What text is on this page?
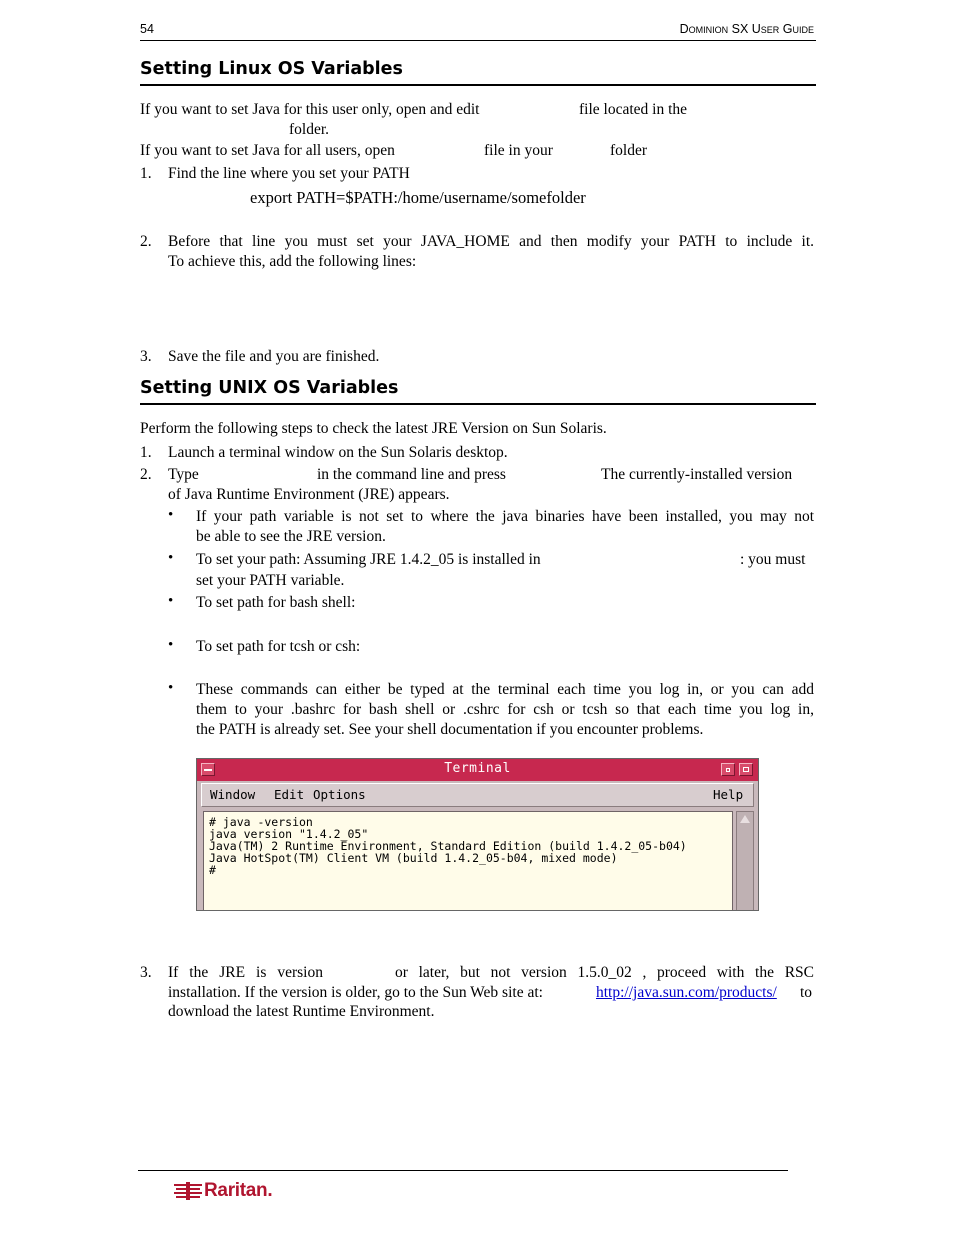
54	Dominion SX User Guide
Setting Linux OS Variables
If you want to set Java for this user only, open and edit	file located in the
folder.
If you want to set Java for all users, open	file in your	folder
1. Find the line where you set your PATH
export PATH=$PATH:/home/username/somefolder
2. Before that line you must set your JAVA_HOME and then modify your PATH to include it.
To achieve this, add the following lines:
3. Save the file and you are finished.
Setting UNIX OS Variables
Perform the following steps to check the latest JRE Version on Sun Solaris.
1. Launch a terminal window on the Sun Solaris desktop.
2. Type	in the command line and press	The currently-installed version
of Java Runtime Environment (JRE) appears.
• If your path variable is not set to where the java binaries have been installed, you may not
be able to see the JRE version.
• To set your path: Assuming JRE 1.4.2_05 is installed in	: you must
set your PATH variable.
• To set path for bash shell:
• To set path for tcsh or csh:
• These commands can either be typed at the terminal each time you log in, or you can add
them to your .bashrc for bash shell or .cshrc for csh or tcsh so that each time you log in,
the PATH is already set. See your shell documentation if you encounter problems.
Terminal
Window Edit Options	Help
# java -version
java version "1.4.2_05"
Java(TM) 2 Runtime Environment, Standard Edition (build 1.4.2_05-b04)
Java HotSpot(TM) Client VM (build 1.4.2_05-b04, mixed mode)
#
3. If the JRE is version	or later, but not version 1.5.0_02 , proceed with the RSC
installation. If the version is older, go to the Sun Web site at:	http://java.sun.com/products/ to
download the latest Runtime Environment.
Raritan.
